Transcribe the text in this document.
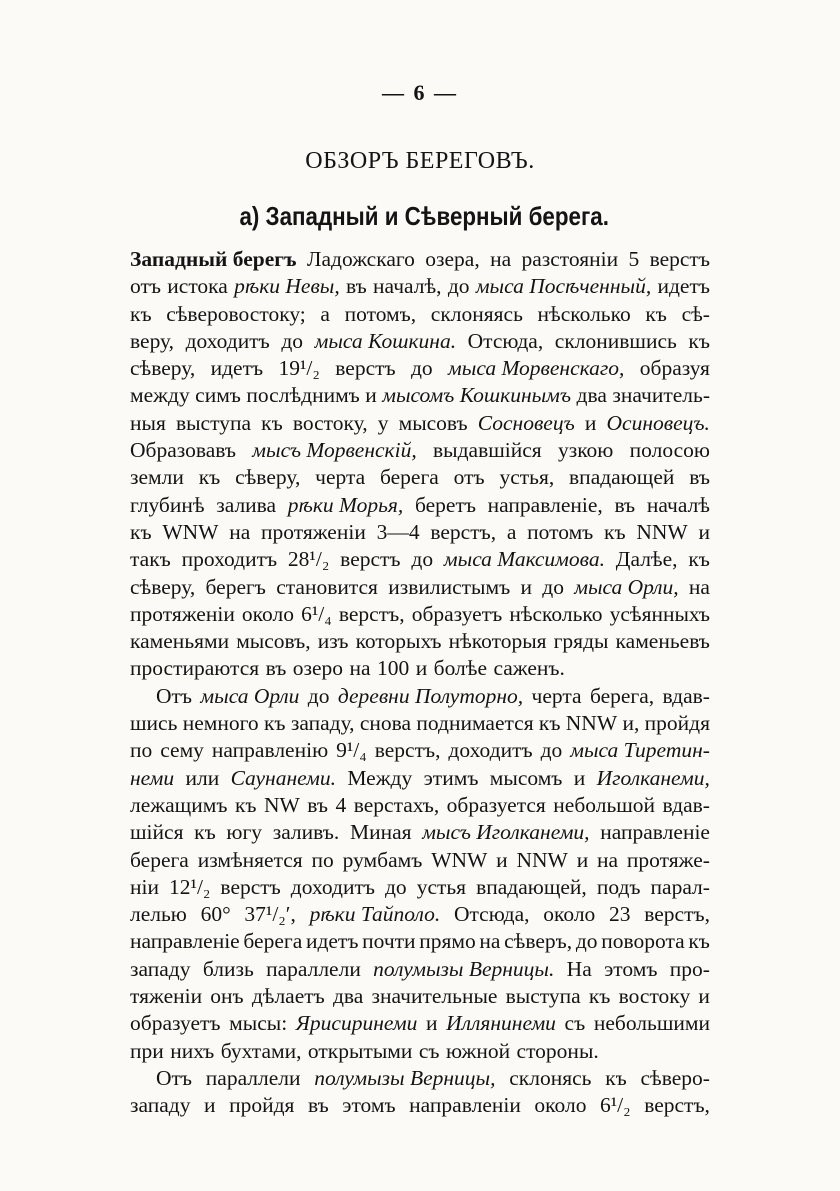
— 6 —
ОБЗОРЪ БЕРЕГОВЪ.
а) Западный и Сѣверный берега.
Западный берегъ Ладожскаго озера, на разстояніи 5 верстъ
отъ истока рѣки Невы, въ началѣ, до мыса Посѣченный, идетъ
къ сѣверовостоку; а потомъ, склоняясь нѣсколько къ сѣ-
веру, доходитъ до мыса Кошкина. Отсюда, склонившись къ
сѣверу, идетъ 19¹/₂ верстъ до мыса Морвенскаго, образуя
между симъ послѣднимъ и мысомъ Кошкинымъ два значитель-
ныя выступа къ востоку, у мысовъ Сосновецъ и Осиновецъ.
Образовавъ мысъ Морвенскій, выдавшійся узкою полосою
земли къ сѣверу, черта берега отъ устья, впадающей въ
глубинѣ залива рѣки Морья, беретъ направленіе, въ началѣ
къ WNW на протяженіи 3—4 верстъ, а потомъ къ NNW и
такъ проходитъ 28¹/₂ верстъ до мыса Максимова. Далѣе, къ
сѣверу, берегъ становится извилистымъ и до мыса Орли, на
протяженіи около 6¹/₄ верстъ, образуетъ нѣсколько усѣянныхъ
каменьями мысовъ, изъ которыхъ нѣкоторыя гряды каменьевъ
простираются въ озеро на 100 и болѣе саженъ.
Отъ мыса Орли до деревни Полуторно, черта берега, вдав-
шись немного къ западу, снова поднимается къ NNW и, пройдя
по сему направленію 9¹/₄ верстъ, доходитъ до мыса Тиретин-
неми или Саунанеми. Между этимъ мысомъ и Иголканеми,
лежащимъ къ NW въ 4 верстахъ, образуется небольшой вдав-
шійся къ югу заливъ. Миная мысъ Иголканеми, направленіе
берега измѣняется по румбамъ WNW и NNW и на протяже-
ніи 12¹/₂ верстъ доходитъ до устья впадающей, подъ парал-
лелью 60° 37¹/₂′, рѣки Тайполо. Отсюда, около 23 верстъ,
направленіе берега идетъ почти прямо на сѣверъ, до поворота къ
западу близь параллели полумызы Верницы. На этомъ про-
тяженіи онъ дѣлаетъ два значительные выступа къ востоку и
образуетъ мысы: Ярисиринеми и Иллянинеми съ небольшими
при нихъ бухтами, открытыми съ южной стороны.
Отъ параллели полумызы Верницы, склонясь къ сѣверо-
западу и пройдя въ этомъ направленіи около 6¹/₂ верстъ,
